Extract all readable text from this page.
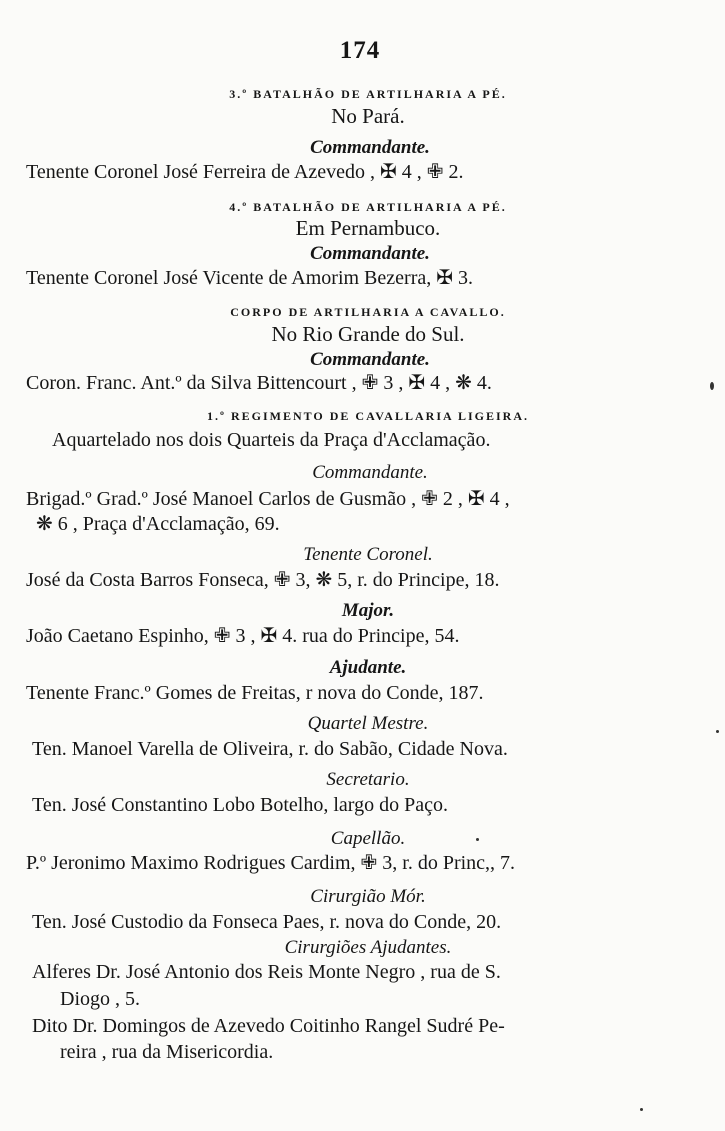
174
3.º BATALHÃO DE ARTILHARIA A PÉ.
No Pará.
Commandante.
Tenente Coronel José Ferreira de Azevedo , ✠ 4 , ✙ 2.
4.º BATALHÃO DE ARTILHARIA A PÉ.
Em Pernambuco.
Commandante.
Tenente Coronel José Vicente de Amorim Bezerra, ✠ 3.
CORPO DE ARTILHARIA A CAVALLO.
No Rio Grande do Sul.
Commandante.
Coron. Franc. Ant.º da Silva Bittencourt , ✙ 3 , ✠ 4 , ❋ 4.
1.º REGIMENTO DE CAVALLARIA LIGEIRA.
Aquartelado nos dois Quarteis da Praça d'Acclamação.
Commandante.
Brigad.º Grad.º José Manoel Carlos de Gusmão , ✙ 2 , ✠ 4 ,
❋ 6 , Praça d'Acclamação, 69.
Tenente Coronel.
José da Costa Barros Fonseca, ✙ 3, ❋ 5, r. do Principe, 18.
Major.
João Caetano Espinho, ✙ 3 , ✠ 4. rua do Principe, 54.
Ajudante.
Tenente Franc.º Gomes de Freitas, r nova do Conde, 187.
Quartel Mestre.
Ten. Manoel Varella de Oliveira, r. do Sabão, Cidade Nova.
Secretario.
Ten. José Constantino Lobo Botelho, largo do Paço.
Capellão.
P.º Jeronimo Maximo Rodrigues Cardim, ✙ 3, r. do Princ,, 7.
Cirurgião Mór.
Ten. José Custodio da Fonseca Paes, r. nova do Conde, 20.
Cirurgiões Ajudantes.
Alferes Dr. José Antonio dos Reis Monte Negro , rua de S.
Diogo , 5.
Dito Dr. Domingos de Azevedo Coitinho Rangel Sudré Pe-
reira , rua da Misericordia.
